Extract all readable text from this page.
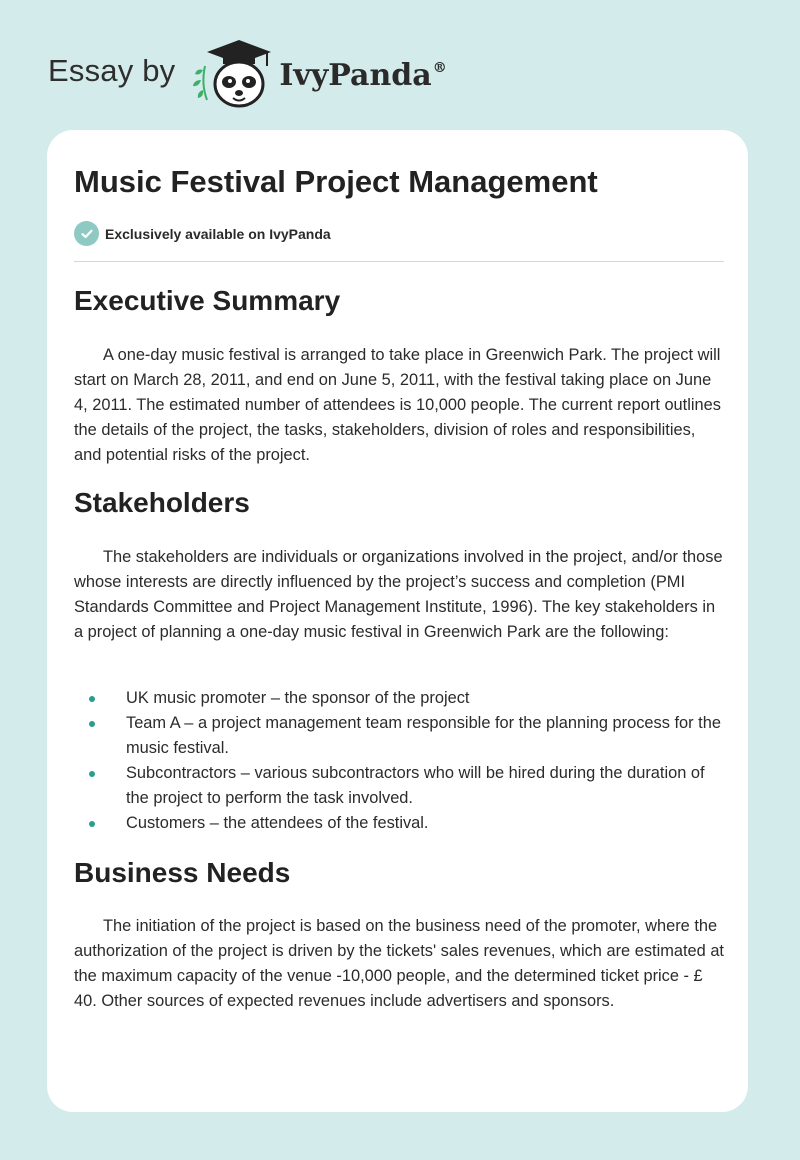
Essay by	IvyPanda®
Music Festival Project Management
Exclusively available on IvyPanda
Executive Summary

A one-day music festival is arranged to take place in Greenwich Park. The project will start on March 28, 2011, and end on June 5, 2011, with the festival taking place on June 4, 2011. The estimated number of attendees is 10,000 people. The current report outlines the details of the project, the tasks, stakeholders, division of roles and responsibilities, and potential risks of the project.

Stakeholders

The stakeholders are individuals or organizations involved in the project, and/or those whose interests are directly influenced by the project’s success and completion (PMI Standards Committee and Project Management Institute, 1996). The key stakeholders in a project of planning a one-day music festival in Greenwich Park are the following:

UK music promoter – the sponsor of the project
Team A – a project management team responsible for the planning process for the music festival.
Subcontractors – various subcontractors who will be hired during the duration of the project to perform the task involved.
Customers – the attendees of the festival.
Business Needs

The initiation of the project is based on the business need of the promoter, where the authorization of the project is driven by the tickets' sales revenues, which are estimated at the maximum capacity of the venue -10,000 people, and the determined ticket price - £ 40. Other sources of expected revenues include advertisers and sponsors.
